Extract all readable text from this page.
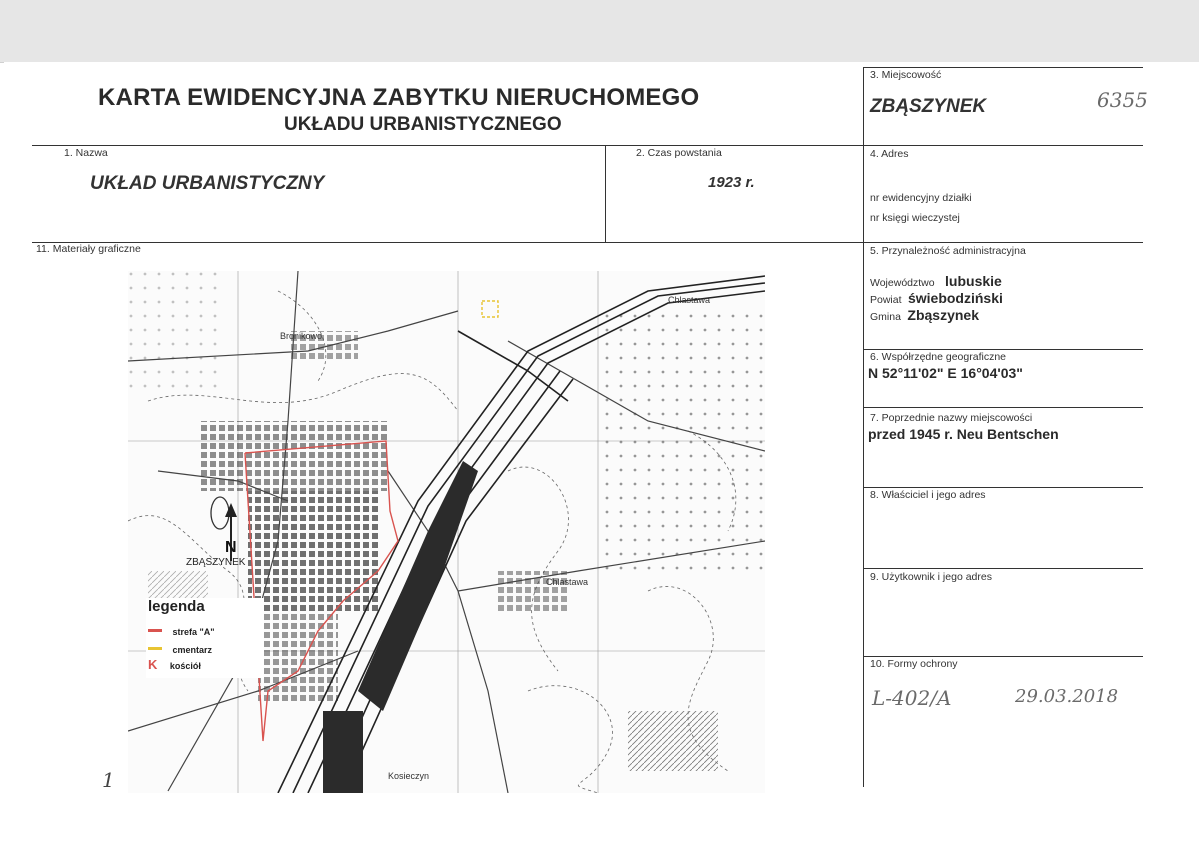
KARTA EWIDENCYJNA ZABYTKU NIERUCHOMEGO
UKŁADU URBANISTYCZNEGO
3. Miejscowość
ZBĄSZYNEK	6355
1. Nazwa
UKŁAD URBANISTYCZNY
2. Czas powstania
1923 r.
4. Adres
nr ewidencyjny działki
nr księgi wieczystej
11. Materiały graficzne	5. Przynależność administracyjna
Województwo lubuskie
Powiat świebodziński
Gmina Zbąszynek
6. Współrzędne geograficzne
N 52°11'02" E 16°04'03"
7. Poprzednie nazwy miejscowości
przed 1945 r. Neu Bentschen
8. Właściciel i jego adres
9. Użytkownik i jego adres
10. Formy ochrony
L-402/A	29.03.2018
Bronikowo
Chlastawa
ZBĄSZYNEK
N
Chlastawa
Kosieczyn
legenda
strefa "A"
cmentarz
K kościół
1
